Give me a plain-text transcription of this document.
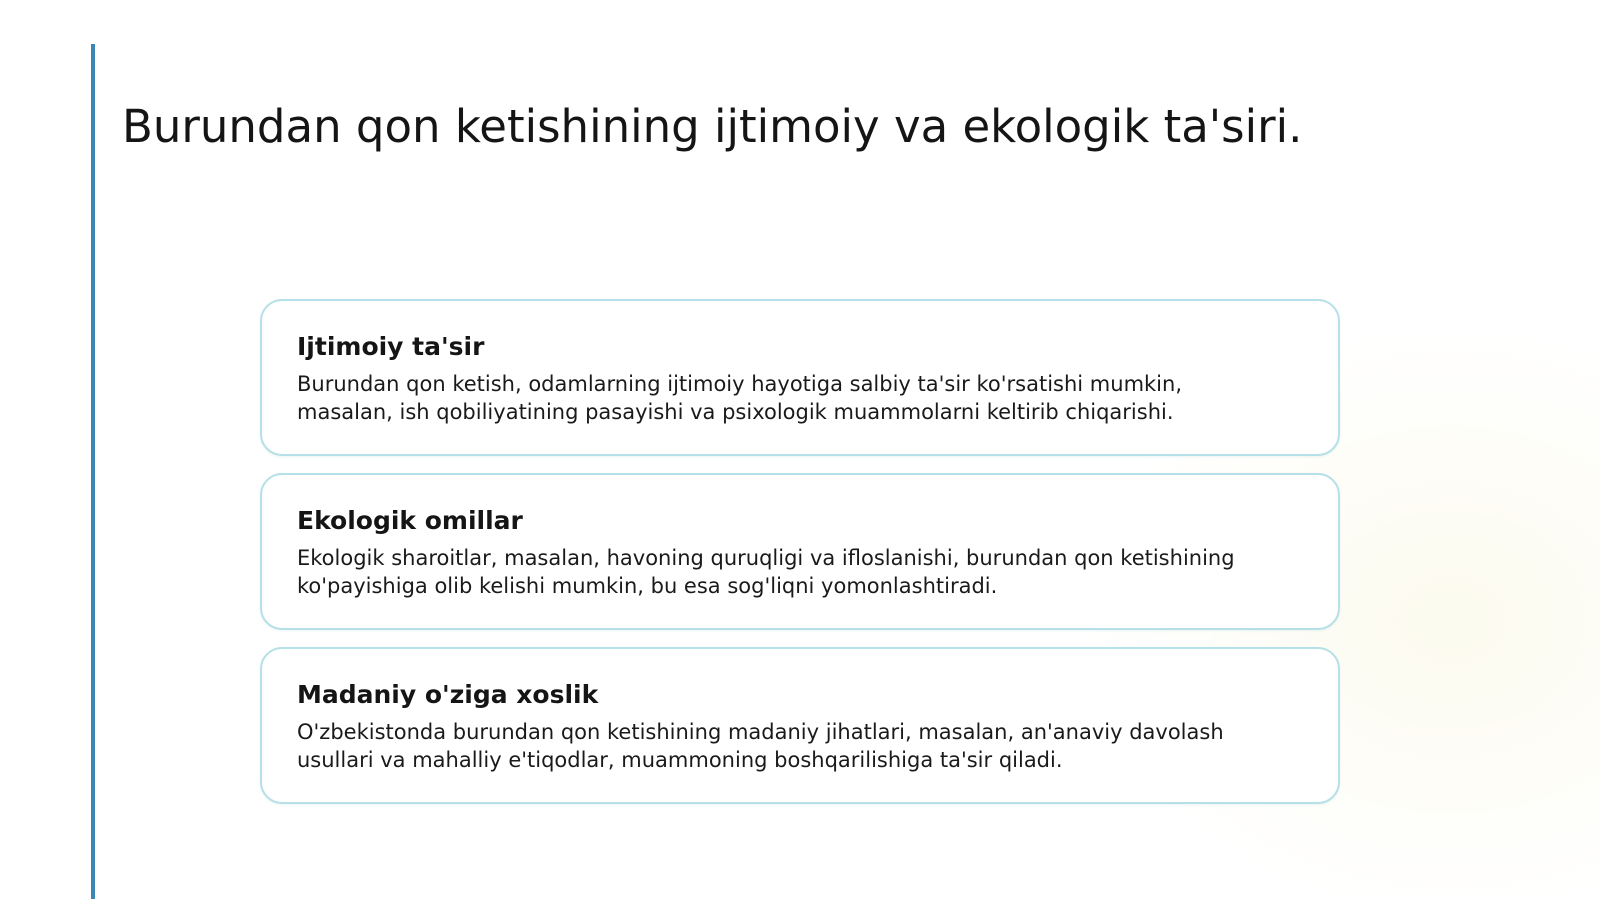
Burundan qon ketishining ijtimoiy va ekologik ta'siri.
Ijtimoiy ta'sir

Burundan qon ketish, odamlarning ijtimoiy hayotiga salbiy ta'sir ko'rsatishi mumkin,
masalan, ish qobiliyatining pasayishi va psixologik muammolarni keltirib chiqarishi.

Ekologik omillar

Ekologik sharoitlar, masalan, havoning quruqligi va ifloslanishi, burundan qon ketishining
ko'payishiga olib kelishi mumkin, bu esa sog'liqni yomonlashtiradi.

Madaniy o'ziga xoslik

O'zbekistonda burundan qon ketishining madaniy jihatlari, masalan, an'anaviy davolash
usullari va mahalliy e'tiqodlar, muammoning boshqarilishiga ta'sir qiladi.
